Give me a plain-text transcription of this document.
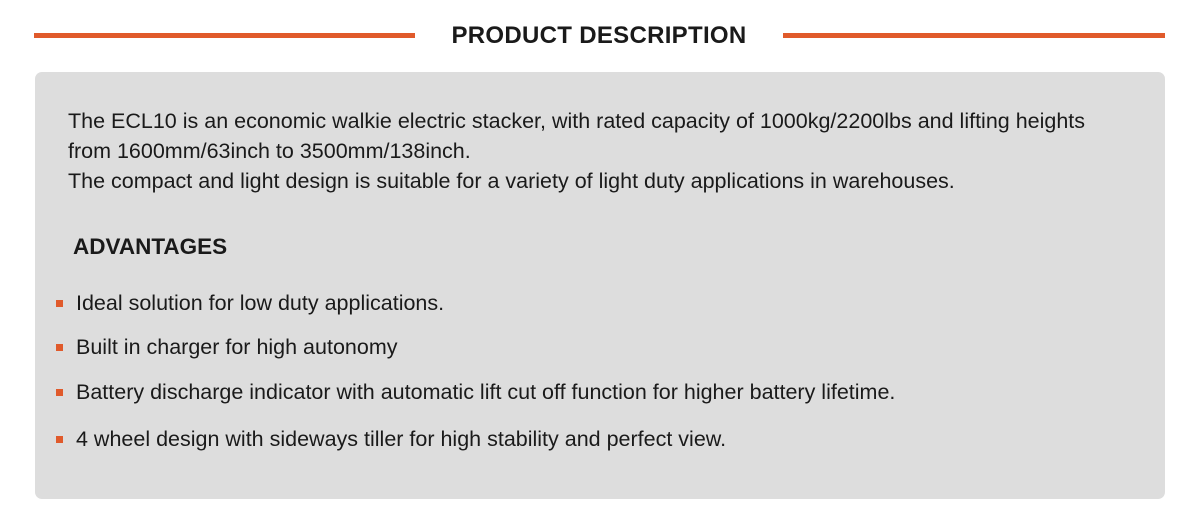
PRODUCT DESCRIPTION

The ECL10 is an economic walkie electric stacker, with rated capacity of 1000kg/2200lbs and lifting heights from 1600mm/63inch to 3500mm/138inch.

The compact and light design is suitable for a variety of light duty applications in warehouses.

ADVANTAGES
Ideal solution for low duty applications.
Built in charger for high autonomy
Battery discharge indicator with automatic lift cut off function for higher battery lifetime.
4 wheel design with sideways tiller for high stability and perfect view.
